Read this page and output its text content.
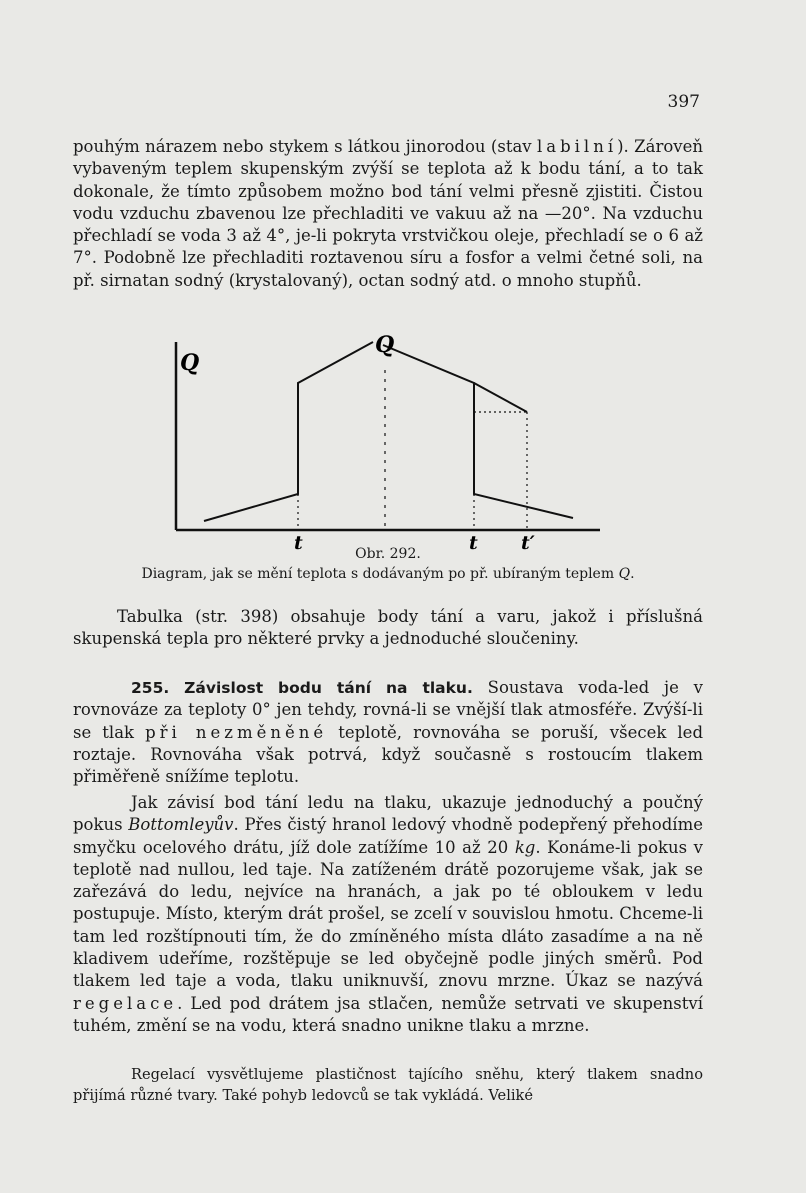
397
pouhým nárazem nebo stykem s látkou jinorodou (stav labilní). Zároveň vybaveným teplem skupenským zvýší se teplota až k bodu tání, a to tak dokonale, že tímto způsobem možno bod tání velmi přesně zjistiti. Čistou vodu vzduchu zbavenou lze přechladiti ve vakuu až na —20°. Na vzduchu přechladí se voda 3 až 4°, je-li pokryta vrstvičkou oleje, přechladí se o 6 až 7°. Podobně lze přechladiti roztavenou síru a fosfor a velmi četné soli, na př. sirnatan sodný (krystalovaný), octan sodný atd. o mnoho stupňů.
Q
Q
t	t t′
Obr. 292.
Diagram, jak se mění teplota s dodávaným po př. ubíraným teplem Q.
Tabulka (str. 398) obsahuje body tání a varu, jakož i příslušná skupenská tepla pro některé prvky a jednoduché sloučeniny.
255. Závislost bodu tání na tlaku. Soustava voda-led je v rovnováze za teploty 0° jen tehdy, rovná-li se vnější tlak atmosféře. Zvýší-li se tlak při nezměněné teplotě, rovnováha se poruší, všecek led roztaje. Rovnováha však potrvá, když současně s rostoucím tlakem přiměřeně snížíme teplotu.
Jak závisí bod tání ledu na tlaku, ukazuje jednoduchý a poučný pokus Bottomleyův. Přes čistý hranol ledový vhodně podepřený přehodíme smyčku ocelového drátu, jíž dole zatížíme 10 až 20 kg. Konáme-li pokus v teplotě nad nullou, led taje. Na zatíženém drátě pozorujeme však, jak se zařezává do ledu, nejvíce na hranách, a jak po té obloukem v ledu postupuje. Místo, kterým drát prošel, se zcelí v souvislou hmotu. Chceme-li tam led rozštípnouti tím, že do zmíněného místa dláto zasadíme a na ně kladivem udeříme, rozštěpuje se led obyčejně podle jiných směrů. Pod tlakem led taje a voda, tlaku uniknuvší, znovu mrzne. Úkaz se nazývá regelace. Led pod drátem jsa stlačen, nemůže setrvati ve skupenství tuhém, změní se na vodu, která snadno unikne tlaku a mrzne.
Regelací vysvětlujeme plastičnost tajícího sněhu, který tlakem snadno přijímá různé tvary. Také pohyb ledovců se tak vykládá. Veliké
